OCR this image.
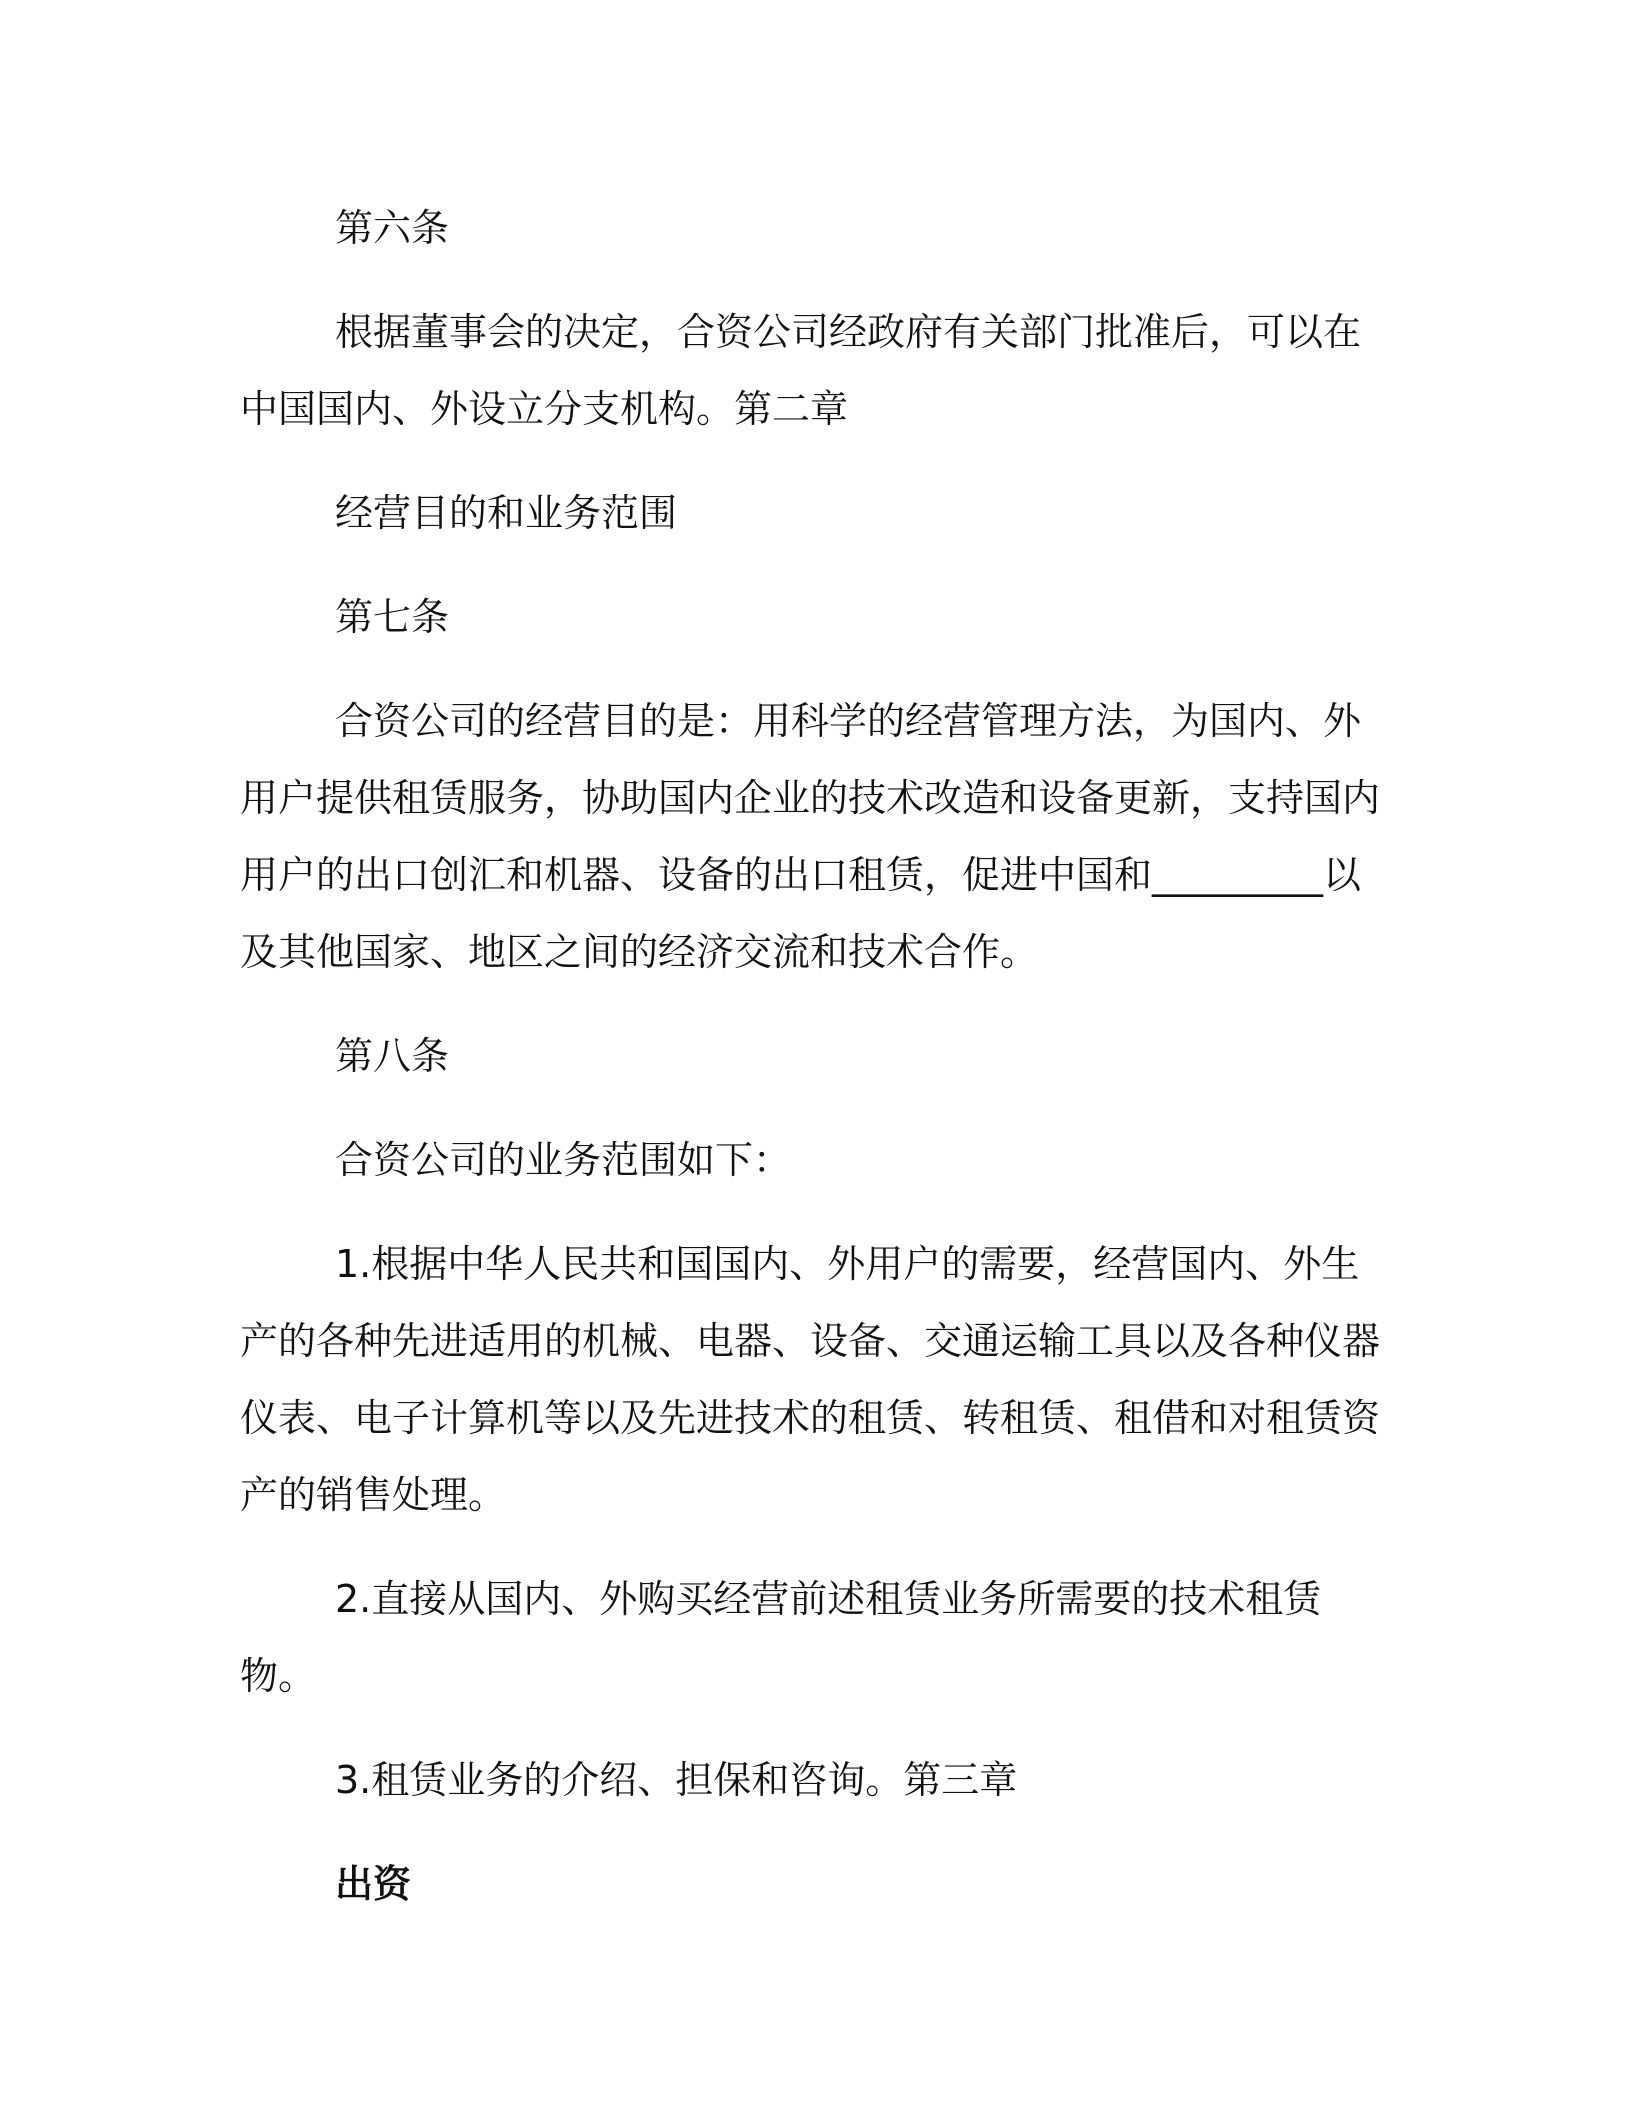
第六条

根据董事会的决定，合资公司经政府有关部门批准后，可以在中国国内、外设立分支机构。第二章

经营目的和业务范围

第七条

合资公司的经营目的是：用科学的经营管理方法，为国内、外用户提供租赁服务，协助国内企业的技术改造和设备更新，支持国内用户的出口创汇和机器、设备的出口租赁，促进中国和_________以及其他国家、地区之间的经济交流和技术合作。

第八条

合资公司的业务范围如下：

1.根据中华人民共和国国内、外用户的需要，经营国内、外生产的各种先进适用的机械、电器、设备、交通运输工具以及各种仪器仪表、电子计算机等以及先进技术的租赁、转租赁、租借和对租赁资产的销售处理。

2.直接从国内、外购买经营前述租赁业务所需要的技术租赁物。

3.租赁业务的介绍、担保和咨询。第三章

出资
